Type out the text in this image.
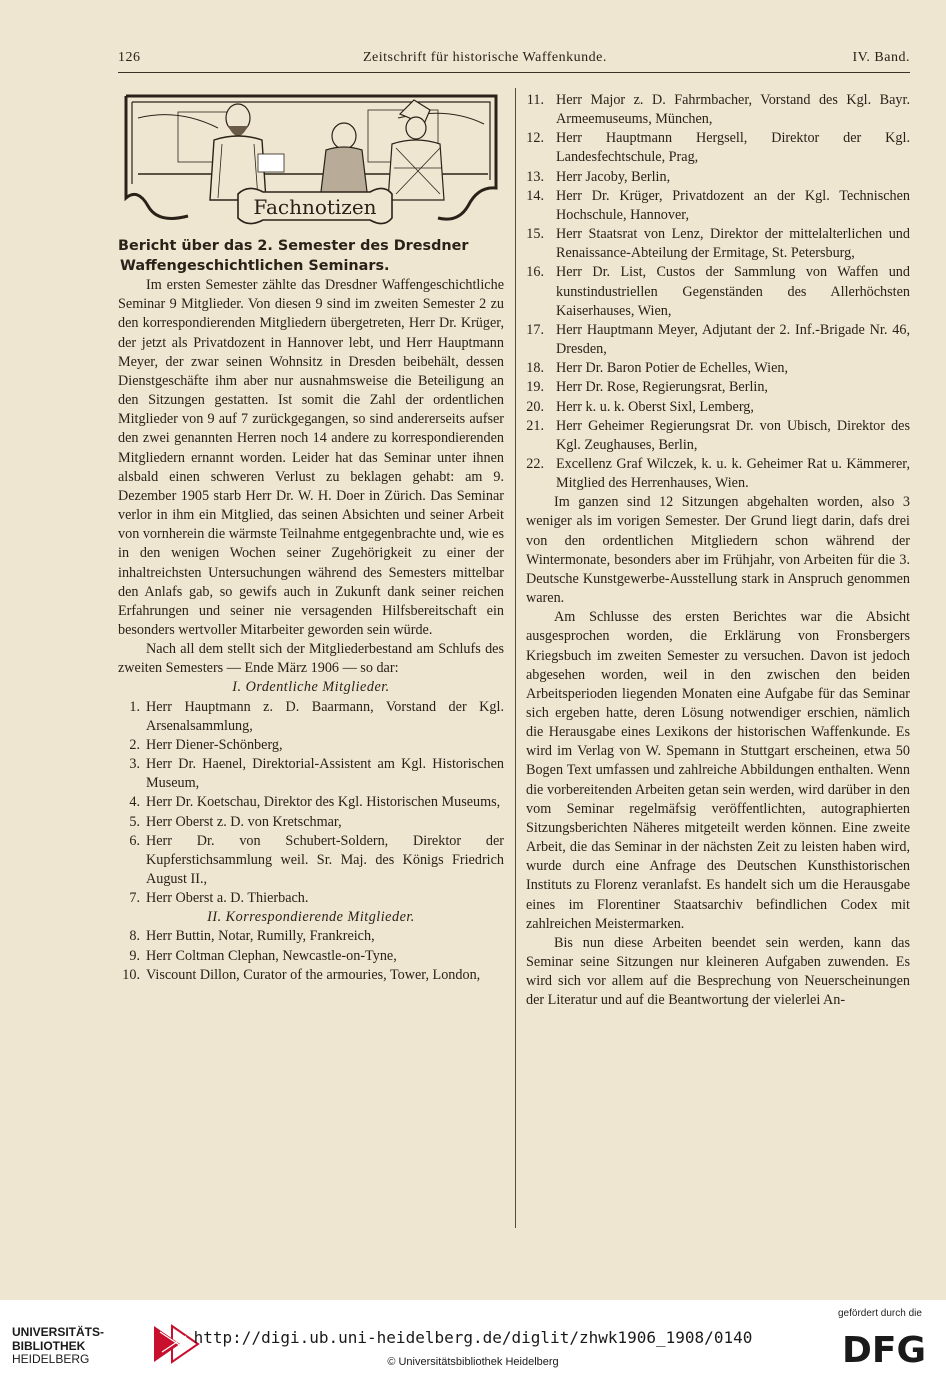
126	Zeitschrift für historische Waffenkunde.	IV. Band.
Fachnotizen

Bericht über das 2. Semester des Dresdner
Waffengeschichtlichen Seminars.

Im ersten Semester zählte das Dresdner Waffengeschichtliche Seminar 9 Mitglieder. Von diesen 9 sind im zweiten Semester 2 zu den korrespondierenden Mitgliedern übergetreten, Herr Dr. Krüger, der jetzt als Privatdozent in Hannover lebt, und Herr Hauptmann Meyer, der zwar seinen Wohnsitz in Dresden beibehält, dessen Dienstgeschäfte ihm aber nur ausnahmsweise die Beteiligung an den Sitzungen gestatten. Ist somit die Zahl der ordentlichen Mitglieder von 9 auf 7 zurückgegangen, so sind andererseits aufser den zwei genannten Herren noch 14 andere zu korrespondierenden Mitgliedern ernannt worden. Leider hat das Seminar unter ihnen alsbald einen schweren Verlust zu beklagen gehabt: am 9. Dezember 1905 starb Herr Dr. W. H. Doer in Zürich. Das Seminar verlor in ihm ein Mitglied, das seinen Absichten und seiner Arbeit von vornherein die wärmste Teilnahme entgegenbrachte und, wie es in den wenigen Wochen seiner Zugehörigkeit zu einer der inhaltreichsten Untersuchungen während des Semesters mittelbar den Anlafs gab, so gewifs auch in Zukunft dank seiner reichen Erfahrungen und seiner nie versagenden Hilfsbereitschaft ein besonders wertvoller Mitarbeiter geworden sein würde.

Nach all dem stellt sich der Mitgliederbestand am Schlufs des zweiten Semesters — Ende März 1906 — so dar:

I. Ordentliche Mitglieder.

1. Herr Hauptmann z. D. Baarmann, Vorstand der Kgl. Arsenalsammlung,
2. Herr Diener-Schönberg,
3. Herr Dr. Haenel, Direktorial-Assistent am Kgl. Historischen Museum,
4. Herr Dr. Koetschau, Direktor des Kgl. Historischen Museums,
5. Herr Oberst z. D. von Kretschmar,
6. Herr Dr. von Schubert-Soldern, Direktor der Kupferstichsammlung weil. Sr. Maj. des Königs Friedrich August II.,
7. Herr Oberst a. D. Thierbach.

II. Korrespondierende Mitglieder.

8. Herr Buttin, Notar, Rumilly, Frankreich,
9. Herr Coltman Clephan, Newcastle-on-Tyne,
10. Viscount Dillon, Curator of the armouries, Tower, London,
11. Herr Major z. D. Fahrmbacher, Vorstand des Kgl. Bayr. Armeemuseums, München,
12. Herr Hauptmann Hergsell, Direktor der Kgl. Landesfechtschule, Prag,
13. Herr Jacoby, Berlin,
14. Herr Dr. Krüger, Privatdozent an der Kgl. Technischen Hochschule, Hannover,
15. Herr Staatsrat von Lenz, Direktor der mittelalterlichen und Renaissance-Abteilung der Ermitage, St. Petersburg,
16. Herr Dr. List, Custos der Sammlung von Waffen und kunstindustriellen Gegenständen des Allerhöchsten Kaiserhauses, Wien,
17. Herr Hauptmann Meyer, Adjutant der 2. Inf.-Brigade Nr. 46, Dresden,
18. Herr Dr. Baron Potier de Echelles, Wien,
19. Herr Dr. Rose, Regierungsrat, Berlin,
20. Herr k. u. k. Oberst Sixl, Lemberg,
21. Herr Geheimer Regierungsrat Dr. von Ubisch, Direktor des Kgl. Zeughauses, Berlin,
22. Excellenz Graf Wilczek, k. u. k. Geheimer Rat u. Kämmerer, Mitglied des Herrenhauses, Wien.

Im ganzen sind 12 Sitzungen abgehalten worden, also 3 weniger als im vorigen Semester. Der Grund liegt darin, dafs drei von den ordentlichen Mitgliedern schon während der Wintermonate, besonders aber im Frühjahr, von Arbeiten für die 3. Deutsche Kunstgewerbe-Ausstellung stark in Anspruch genommen waren.

Am Schlusse des ersten Berichtes war die Absicht ausgesprochen worden, die Erklärung von Fronsbergers Kriegsbuch im zweiten Semester zu versuchen. Davon ist jedoch abgesehen worden, weil in den zwischen den beiden Arbeitsperioden liegenden Monaten eine Aufgabe für das Seminar sich ergeben hatte, deren Lösung notwendiger erschien, nämlich die Herausgabe eines Lexikons der historischen Waffenkunde. Es wird im Verlag von W. Spemann in Stuttgart erscheinen, etwa 50 Bogen Text umfassen und zahlreiche Abbildungen enthalten. Wenn die vorbereitenden Arbeiten getan sein werden, wird darüber in den vom Seminar regelmäfsig veröffentlichten, autographierten Sitzungsberichten Näheres mitgeteilt werden können. Eine zweite Arbeit, die das Seminar in der nächsten Zeit zu leisten haben wird, wurde durch eine Anfrage des Deutschen Kunsthistorischen Instituts zu Florenz veranlafst. Es handelt sich um die Herausgabe eines im Florentiner Staatsarchiv befindlichen Codex mit zahlreichen Meistermarken.

Bis nun diese Arbeiten beendet sein werden, kann das Seminar seine Sitzungen nur kleineren Aufgaben zuwenden. Es wird sich vor allem auf die Besprechung von Neuerscheinungen der Literatur und auf die Beantwortung der vielerlei An-

UNIVERSITÄTS-
BIBLIOTHEK
HEIDELBERG
http://digi.ub.uni-heidelberg.de/diglit/zhwk1906_1908/0140
© Universitätsbibliothek Heidelberg
gefördert durch die
DFG
